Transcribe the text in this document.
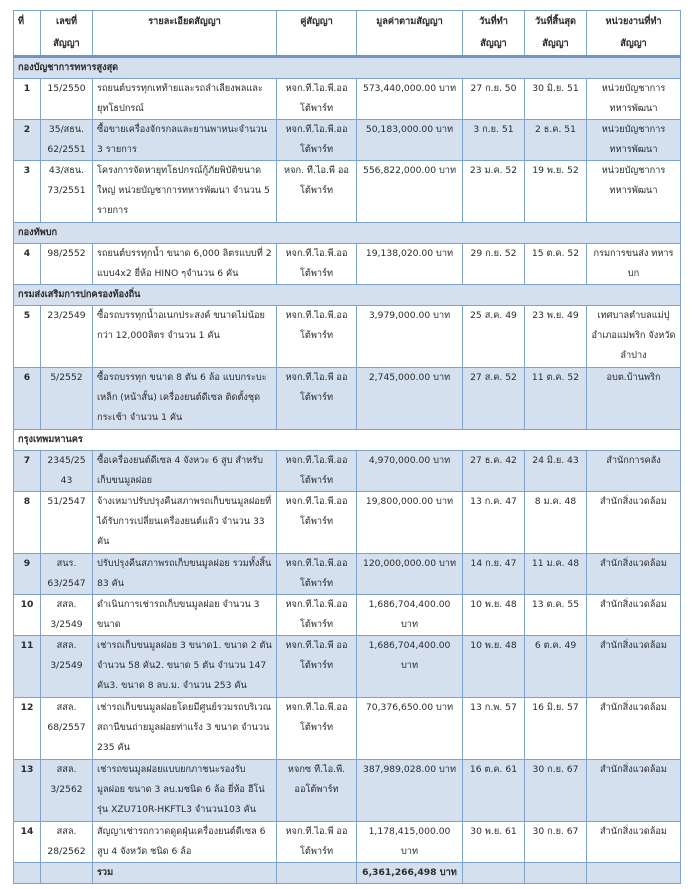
ที่	เลขที่ สัญญา	รายละเอียดสัญญา	คู่สัญญา	มูลค่าตามสัญญา	วันที่ทำ สัญญา	วันที่สิ้นสุด สัญญา	หน่วยงานที่ทำ สัญญา
กองบัญชาการทหารสูงสุด							
1	15/2550	รถยนต์บรรทุกเทท้ายและรถลำเลียงพลและยุทโธปกรณ์	หจก.ที.ไอ.พี.ออ โต้พาร์ท	573,440,000.00 บาท	27 ก.ย. 50	30 มิ.ย. 51	หน่วยบัญชาการ ทหารพัฒนา
2	35/สธน. 62/2551	ซื้อขายเครื่องจักรกลและยานพาหนะจำนวน 3 รายการ	หจก.ที.ไอ.พี.ออ โต้พาร์ท	50,183,000.00 บาท	3 ก.ย. 51	2 ธ.ค. 51	หน่วยบัญชาการ ทหารพัฒนา
3	43/สธน. 73/2551	โครงการจัดหายุทโธปกรณ์กู้ภัยพิบัติขนาดใหญ่ หน่วยบัญชาการทหารพัฒนา จำนวน 5 รายการ	หจก. ที.ไอ.พี ออ โต้พาร์ท	556,822,000.00 บาท	23 ม.ค. 52	19 พ.ย. 52	หน่วยบัญชาการ ทหารพัฒนา
กองทัพบก							
4	98/2552	รถยนต์บรรทุกน้ำ ขนาด 6,000 ลิตรแบบที่ 2 แบบ4x2 ยี่ห้อ HINO ๆจำนวน 6 คัน	หจก.ที.ไอ.พี.ออ โต้พาร์ท	19,138,020.00 บาท	29 ก.ย. 52	15 ต.ค. 52	กรมการขนส่ง ทหารบก
กรมส่งเสริมการปกครองท้องถิ่น							
5	23/2549	ซื้อรถบรรทุกน้ำอเนกประสงค์ ขนาดไม่น้อยกว่า 12,000ลิตร จำนวน 1 คัน	หจก.ที.ไอ.พี.ออ โต้พาร์ท	3,979,000.00 บาท	25 ส.ค. 49	23 พ.ย. 49	เทศบาลตำบลแม่ปุ อำเภอแม่พริก จังหวัดลำปาง
6	5/2552	ซื้อรถบรรทุก ขนาด 8 ตัน 6 ล้อ แบบกระบะเหล็ก (หน้าสั้น) เครื่องยนต์ดีเซล ติดตั้งชุดกระเช้า จำนวน 1 คัน	หจก.ที.ไอ.พี ออ โต้พาร์ท	2,745,000.00 บาท	27 ส.ค. 52	11 ต.ค. 52	อบต.บ้านพริก
กรุงเทพมหานคร							
7	2345/25 43	ซื้อเครื่องยนต์ดีเซล 4 จังหวะ 6 สูบ สำหรับเก็บขนมูลฝอย	หจก.ที.ไอ.พี.ออ โต้พาร์ท	4,970,000.00 บาท	27 ธ.ค. 42	24 มิ.ย. 43	สำนักการคลัง
8	51/2547	จ้างเหมาปรับปรุงคืนสภาพรถเก็บขนมูลฝอยที่ได้รับการเปลี่ยนเครื่องยนต์แล้ว จำนวน 33 คัน	หจก.ที.ไอ.พี.ออ โต้พาร์ท	19,800,000.00 บาท	13 ก.ค. 47	8 ม.ค. 48	สำนักสิ่งแวดล้อม
9	สนร. 63/2547	ปรับปรุงคืนสภาพรถเก็บขนมูลฝอย รวมทั้งสิ้น 83 คัน	หจก.ที.ไอ.พี.ออ โต้พาร์ท	120,000,000.00 บาท	14 ก.ย. 47	11 ม.ค. 48	สำนักสิ่งแวดล้อม
10	สสล. 3/2549	ดำเนินการเช่ารถเก็บขนมูลฝอย จำนวน 3 ขนาด	หจก.ที.ไอ.พี.ออ โต้พาร์ท	1,686,704,400.00 บาท	10 พ.ย. 48	13 ต.ค. 55	สำนักสิ่งแวดล้อม
11	สสล. 3/2549	เช่ารถเก็บขนมูลฝอย 3 ขนาด1. ขนาด 2 ตัน จำนวน 58 คัน2. ขนาด 5 ตัน จำนวน 147 คัน3. ขนาด 8 ลบ.ม. จำนวน 253 คัน	หจก.ที.ไอ.พี ออ โต้พาร์ท	1,686,704,400.00 บาท	10 พ.ย. 48	6 ต.ค. 49	สำนักสิ่งแวดล้อม
12	สสล. 68/2557	เช่ารถเก็บขนมูลฝอยโดยมีศูนย์รวมรถบริเวณสถานีขนถ่ายมูลฝอยท่าแร้ง 3 ขนาด จำนวน 235 คัน	หจก.ที.ไอ.พี.ออ โต้พาร์ท	70,376,650.00 บาท	13 ก.พ. 57	16 มิ.ย. 57	สำนักสิ่งแวดล้อม
13	สสล. 3/2562	เช่ารถขนมูลฝอยแบบยกภาชนะรองรับมูลฝอย ขนาด 3 ลบ.มชนิด 6 ล้อ ยี่ห้อ ฮีโน่ รุ่น XZU710R-HKFTL3 จำนวน103 คัน	หจกซ ที.ไอ.พี. ออโต้พาร์ท	387,989,028.00 บาท	16 ต.ค. 61	30 ก.ย. 67	สำนักสิ่งแวดล้อม
14	สสล. 28/2562	สัญญาเช่ารถกวาดดูดฝุ่นเครื่องยนต์ดีเซล 6 สูบ 4 จังหวัด ชนิด 6 ล้อ	หจก.ที.ไอ.พี ออ โต้พาร์ท	1,178,415,000.00 บาท	30 พ.ย. 61	30 ก.ย. 67	สำนักสิ่งแวดล้อม
		รวม		6,361,266,498 บาท			
